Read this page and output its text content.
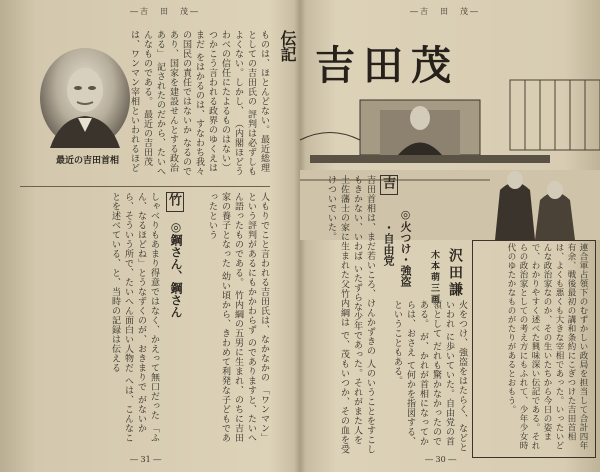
―吉　田　茂―
最近の吉田首相	ものは、ほとんどない。最近総理としての吉田氏の 評判は必ずしもよくない。しかし、 （内閣ほどうわべの信任にたよるものはない） つかこう言われる政界のゆくえはまだ をはかるのは、すなわち我々の国民の責任ではないか なるのであり、国家を建設せんとする政治 ある」 記されたのだから、たいへんなものである。 最近の吉田茂は、ワンマン宰相といわれるほど
竹
◎鋼さん、鋼さん	人もりでこと言われる吉田氏は、なかなかの 「ワンマン」という評判があるにもかかわらず のでありますと、たいへん語ったものである。 竹内綱の五男に生まれ、のちに吉田家の養子となった 幼い頃から、きわめて利発な子どもであったという
しゃべりもあまり得意ではなく、かえって無口だった 「ふん、なるほどね」とうなずくのが、おきまりで がないから、そういう所で、たいへん面白い人物だ へは、こんなことを述べている、と、当時の記録は伝える
― 31 ―
―吉　田　茂―
伝記 吉田茂
連合軍占領下のむずかしい政局を担当して合計四年有余、戦後最初の講和条約にこぎつけた吉田首相は、よくも悪くも大きな宰相であった。いったいどんな政治家なのか、その生いたちから今日の姿まで、わかりやすく述べた興味深い伝記である。それらの政治家としての考え方にもふれて、少年少女時代のゆたかなものがたりがあるとおもう。
沢田謙
木本萌三画
吉
◎火つけ・強盗
・自由党
吉田首相は、まだ若いころ、けんかずきの 人のいうことをすこしもきかない、いわば いたずらな少年であった。それがまた人を 土佐藩士の家に生まれた父竹内綱は で、茂もいつか、その血を受けついでいた。
火をつけ、強盗をはたらく、などといわれ に歩いていた。自由党の首領として だれも驚かなかったのである。 が、かれが首相になってからは、おさえ て何かを指図する、ということもある。
― 30 ―
